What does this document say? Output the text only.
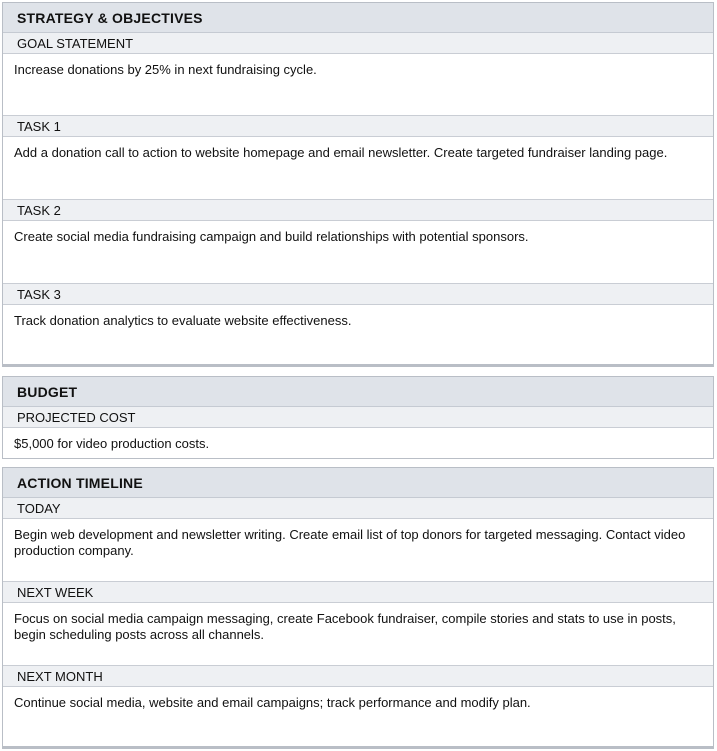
STRATEGY & OBJECTIVES
GOAL STATEMENT
Increase donations by 25% in next fundraising cycle.
TASK 1
Add a donation call to action to website homepage and email newsletter. Create targeted fundraiser landing page.
TASK 2
Create social media fundraising campaign and build relationships with potential sponsors.
TASK 3
Track donation analytics to evaluate website effectiveness.
BUDGET
PROJECTED COST
$5,000 for video production costs.
ACTION TIMELINE
TODAY
Begin web development and newsletter writing. Create email list of top donors for targeted messaging. Contact video production company.
NEXT WEEK
Focus on social media campaign messaging, create Facebook fundraiser, compile stories and stats to use in posts, begin scheduling posts across all channels.
NEXT MONTH
Continue social media, website and email campaigns; track performance and modify plan.
